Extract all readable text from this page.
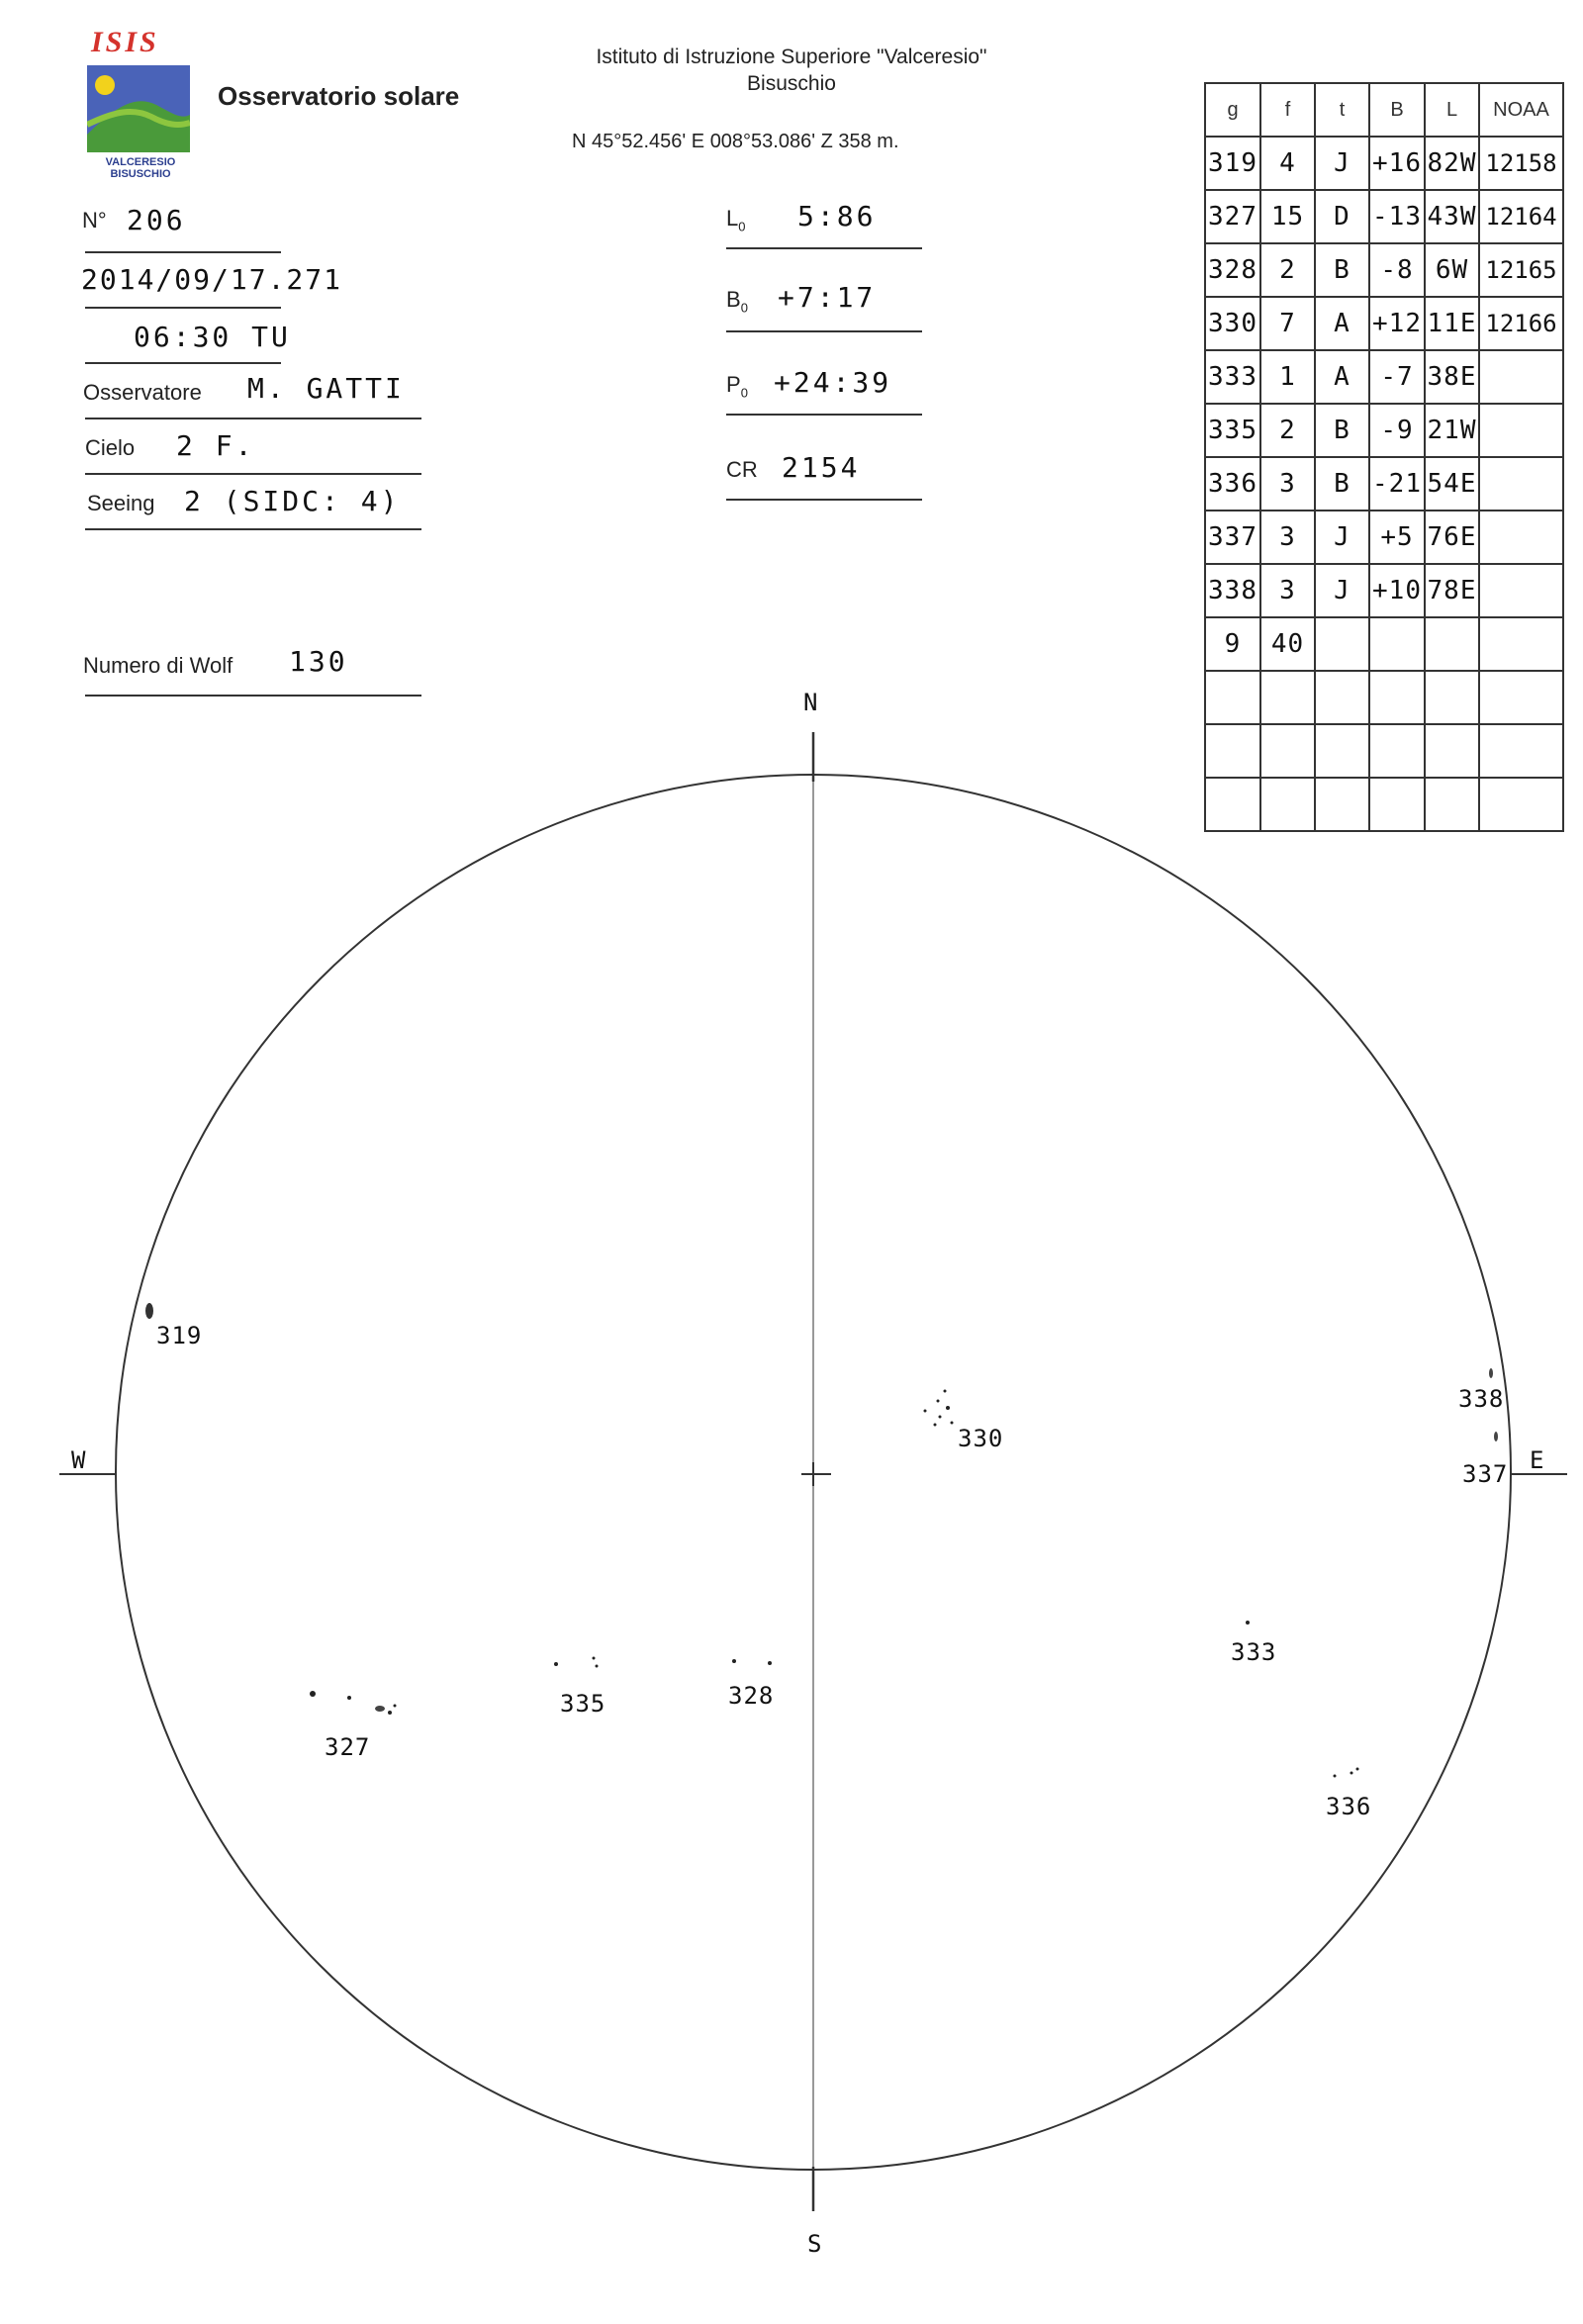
ISIS
VALCERESIO
BISUSCHIO
Osservatorio solare
Istituto di Istruzione Superiore "Valceresio"
Bisuschio
N 45°52.456' E 008°53.086' Z 358 m.
N° 206
2014/09/17.271
06:30 TU
Osservatore M. GATTI
Cielo 2 F.
Seeing 2 (SIDC: 4)
Numero di Wolf 130
$L_0$ 5:86
$B_0$ +7:17
$P_0$ +24:39
CR 2154
g	f	t	B	L	NOAA
319	4	J	+16	82W	12158
327	15	D	-13	43W	12164
328	2	B	-8	6W	12165
330	7	A	+12	11E	12166
333	1	A	-7	38E	
335	2	B	-9	21W	
336	3	B	-21	54E	
337	3	J	+5	76E	
338	3	J	+10	78E	
9	40				

N
S
W	E
319
327
328
330
333
335
336
337
338
